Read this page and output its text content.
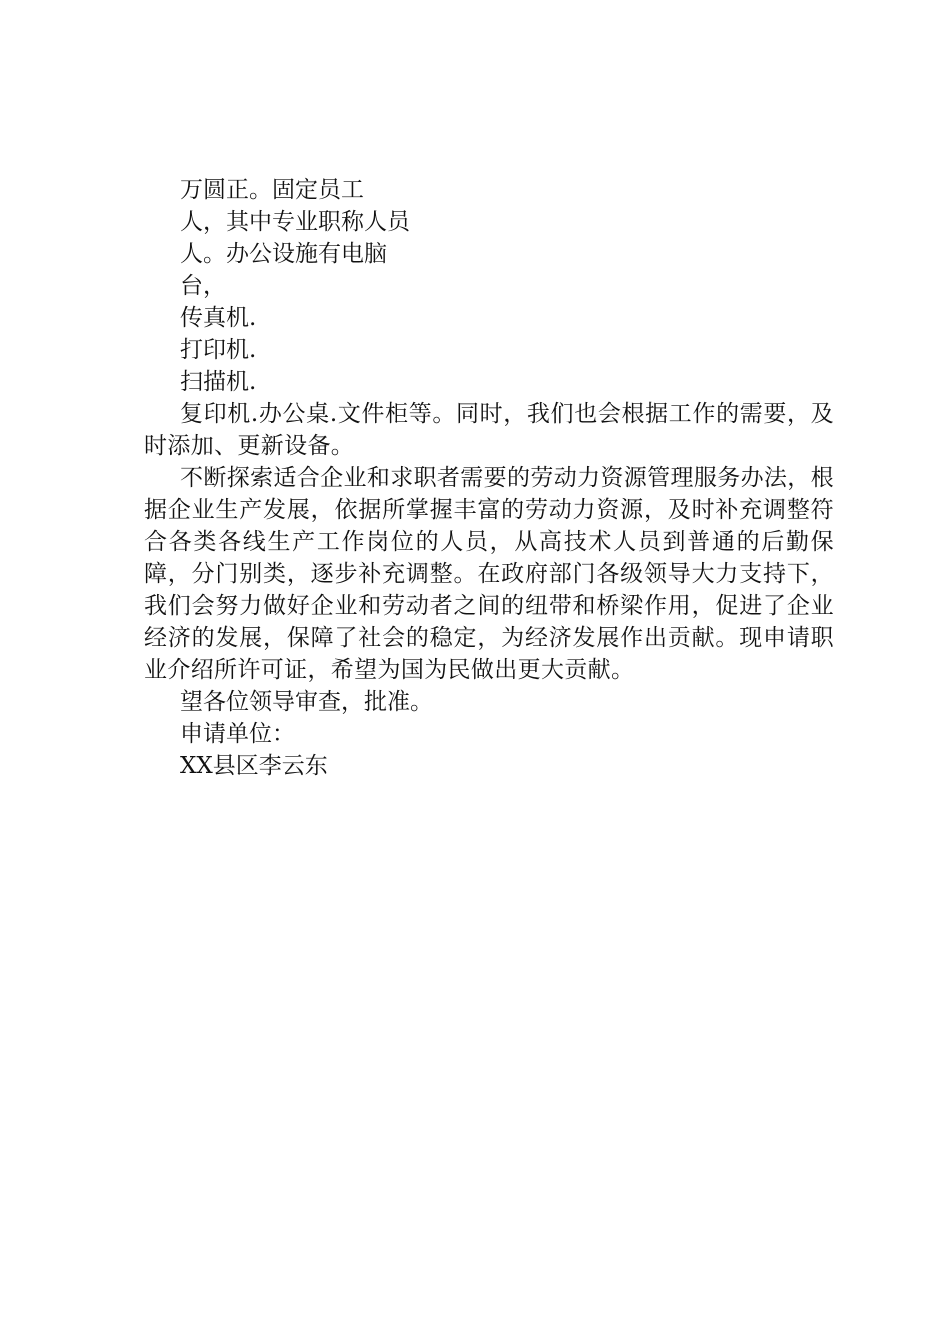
万圆正。固定员工

人，其中专业职称人员

人。办公设施有电脑

台，

传真机.

打印机.

扫描机.

复印机.办公桌.文件柜等。同时，我们也会根据工作的需要，及时添加、更新设备。

不断探索适合企业和求职者需要的劳动力资源管理服务办法，根据企业生产发展，依据所掌握丰富的劳动力资源，及时补充调整符合各类各线生产工作岗位的人员，从高技术人员到普通的后勤保障，分门别类，逐步补充调整。在政府部门各级领导大力支持下，我们会努力做好企业和劳动者之间的纽带和桥梁作用，促进了企业经济的发展，保障了社会的稳定，为经济发展作出贡献。现申请职业介绍所许可证，希望为国为民做出更大贡献。

望各位领导审查，批准。

申请单位：

XX县区李云东
